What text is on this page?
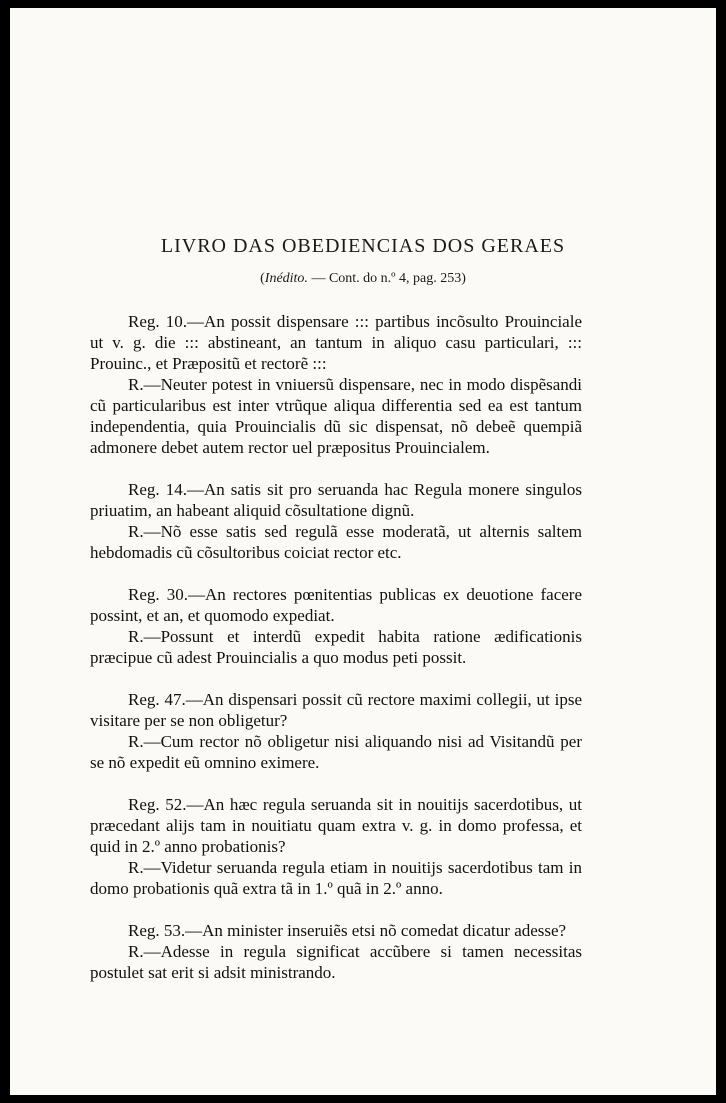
LIVRO DAS OBEDIENCIAS DOS GERAES

(Inédito. — Cont. do n.º 4, pag. 253)

Reg. 10.—An possit dispensare ::: partibus incõsulto Prouinciale ut v. g. die ::: abstineant, an tantum in aliquo casu particulari, ::: Prouinc., et Præpositũ et rectorẽ :::

R.—Neuter potest in vniuersũ dispensare, nec in modo dispẽsandi cũ particularibus est inter vtrũque aliqua differentia sed ea est tantum independentia, quia Prouincialis dũ sic dispensat, nõ debeẽ quempiã admonere debet autem rector uel præpositus Prouincialem.

Reg. 14.—An satis sit pro seruanda hac Regula monere singulos priuatim, an habeant aliquid cõsultatione dignũ.

R.—Nõ esse satis sed regulã esse moderatã, ut alternis saltem hebdomadis cũ cõsultoribus coiciat rector etc.

Reg. 30.—An rectores pœnitentias publicas ex deuotione facere possint, et an, et quomodo expediat.

R.—Possunt et interdũ expedit habita ratione ædificationis præcipue cũ adest Prouincialis a quo modus peti possit.

Reg. 47.—An dispensari possit cũ rectore maximi collegii, ut ipse visitare per se non obligetur?

R.—Cum rector nõ obligetur nisi aliquando nisi ad Visitandũ per se nõ expedit eũ omnino eximere.

Reg. 52.—An hæc regula seruanda sit in nouitijs sacerdotibus, ut præcedant alijs tam in nouitiatu quam extra v. g. in domo professa, et quid in 2.º anno probationis?

R.—Videtur seruanda regula etiam in nouitijs sacerdotibus tam in domo probationis quã extra tã in 1.º quã in 2.º anno.

Reg. 53.—An minister inseruiẽs etsi nõ comedat dicatur adesse?

R.—Adesse in regula significat accũbere si tamen necessitas postulet sat erit si adsit ministrando.
